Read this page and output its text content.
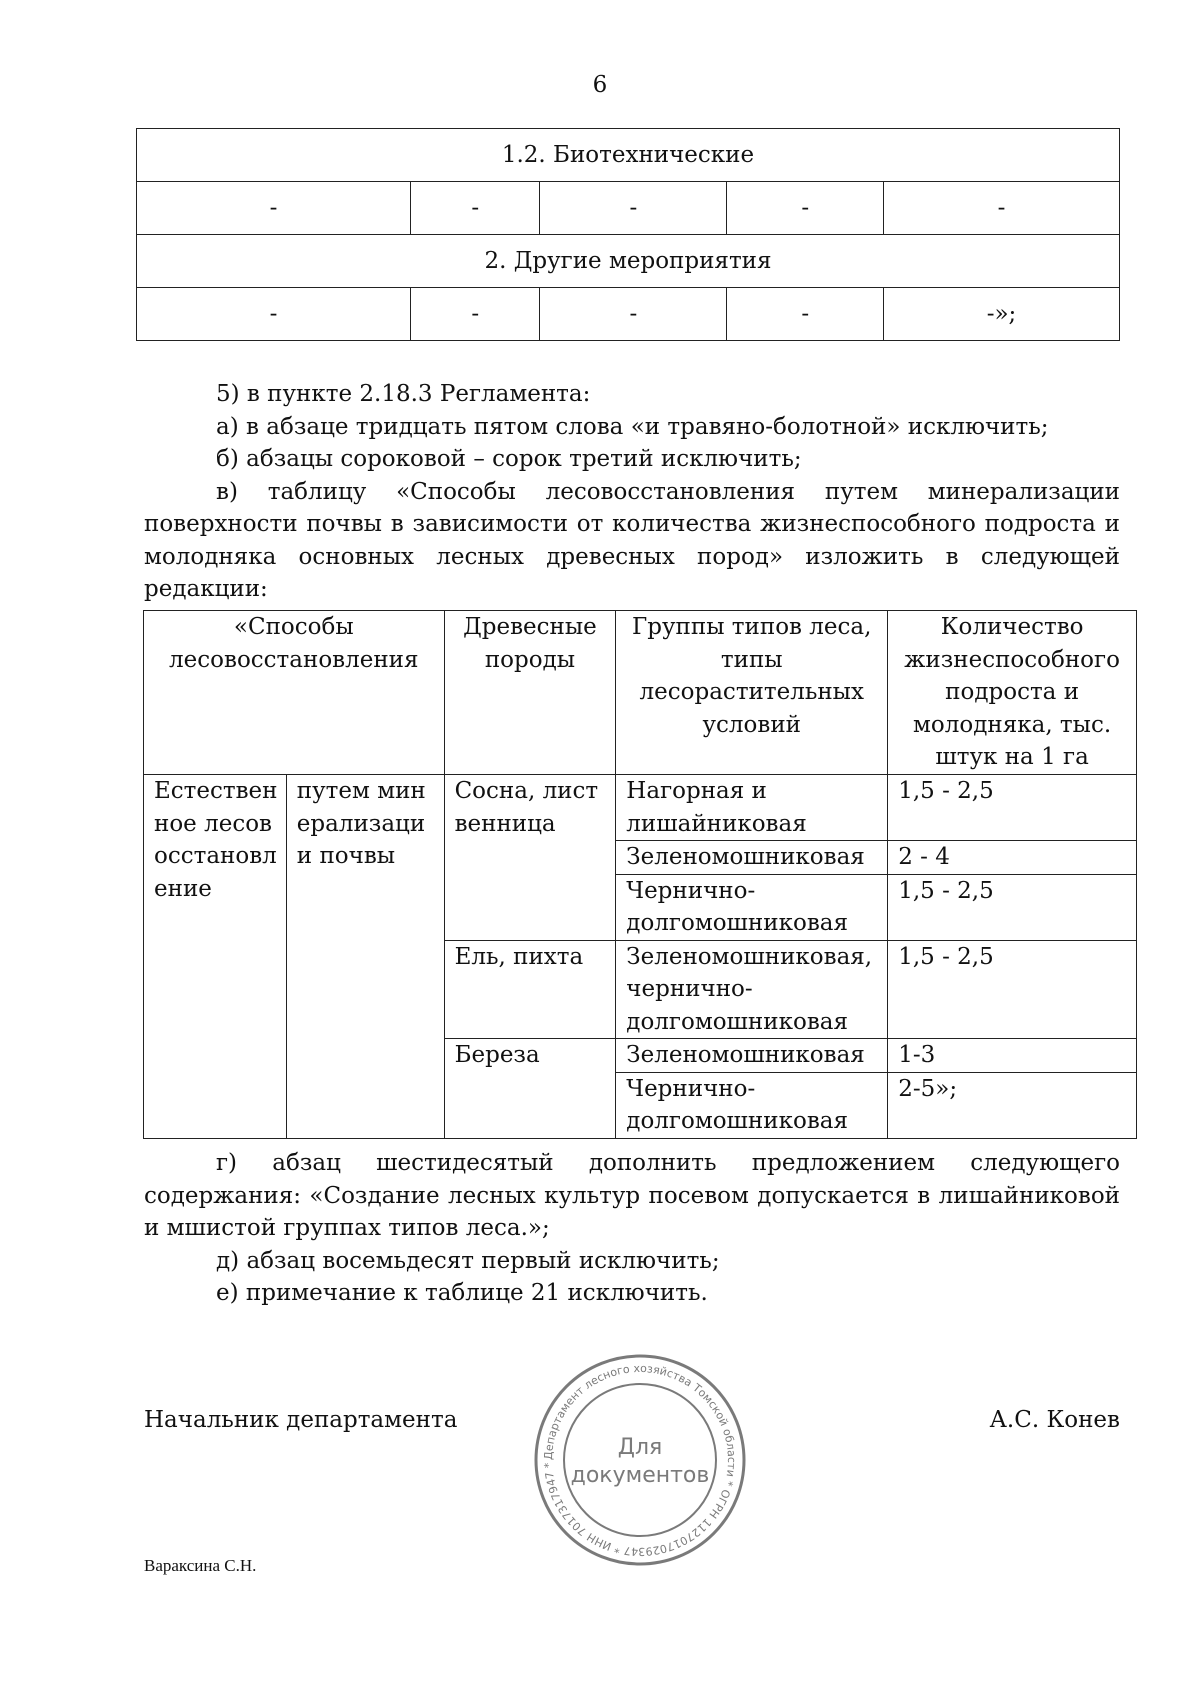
6
1.2. Биотехнические				
-	-	-	-	-
2. Другие мероприятия				
-	-	-	-	-»;
5) в пункте 2.18.3 Регламента:
а) в абзаце тридцать пятом слова «и травяно-болотной» исключить;
б) абзацы сороковой – сорок третий исключить;
в) таблицу «Способы лесовосстановления путем минерализации
поверхности почвы в зависимости от количества жизнеспособного подроста и
молодняка основных лесных древесных пород» изложить в следующей
редакции:
«Способы лесовосстановления		Древесные породы	Группы типов леса, типы лесорастительных условий	Количество жизнеспособного подроста и молодняка, тыс. штук на 1 га
Естественное лесовосстановление	путем минерализации почвы	Сосна, лиственница	Нагорная и лишайниковая	1,5 - 2,5
			Зеленомошниковая	2 - 4
			Чернично-долгомошниковая	1,5 - 2,5
		Ель, пихта	Зеленомошниковая, чернично-долгомошниковая	1,5 - 2,5
		Береза	Зеленомошниковая	1-3
			Чернично-долгомошниковая	2-5»;
г) абзац шестидесятый дополнить предложением следующего
содержания: «Создание лесных культур посевом допускается в лишайниковой
и мшистой группах типов леса.»;
д) абзац восемьдесят первый исключить;
е) примечание к таблице 21 исключить.
Начальник департамента	А.С. Конев
Департамент лесного хозяйства Томской области * ОГРН 1127017029347 * ИНН 7017317947 *
Для
документов
Вараксина С.Н.
